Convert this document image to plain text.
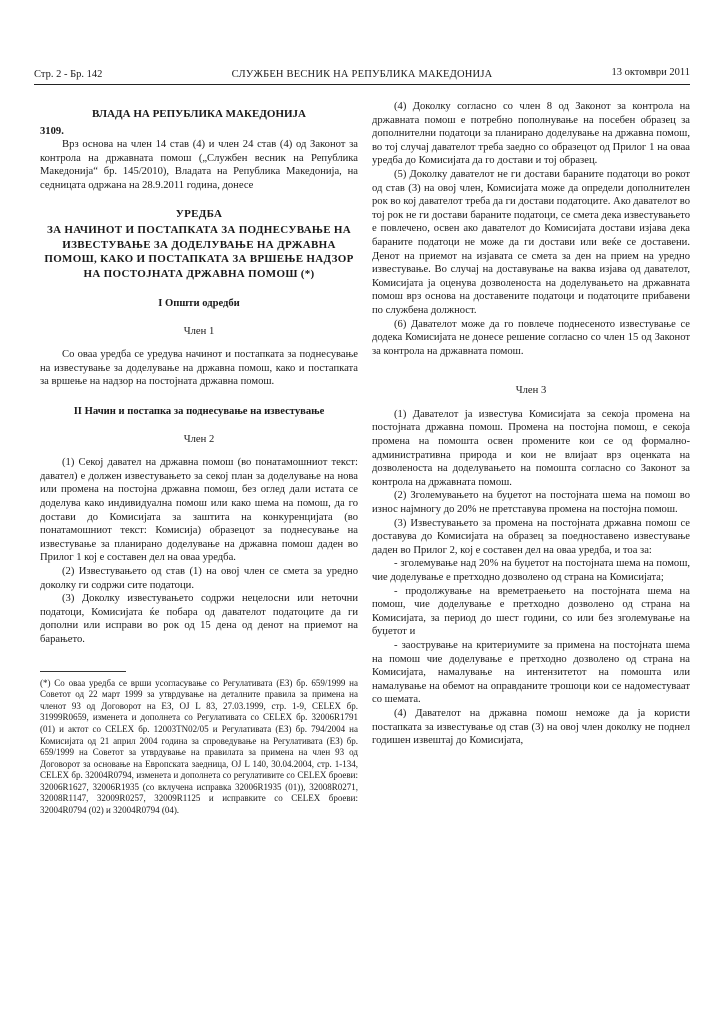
Стр. 2 - Бр. 142	СЛУЖБЕН ВЕСНИК НА РЕПУБЛИКА МАКЕДОНИЈА	13 октомври 2011

ВЛАДА НА РЕПУБЛИКА МАКЕДОНИЈА

3109.

Врз основа на член 14 став (4) и член 24 став (4) од Законот за контрола на државната помош („Службен весник на Република Македонија“ бр. 145/2010), Владата на Република Македонија, на седницата одржана на 28.9.2011 година, донесе

УРЕДБА

ЗА НАЧИНОТ И ПОСТАПКАТА ЗА ПОДНЕСУВАЊЕ НА ИЗВЕСТУВАЊЕ ЗА ДОДЕЛУВАЊЕ НА ДРЖАВНА ПОМОШ, КАКО И ПОСТАПКАТА ЗА ВРШЕЊЕ НАДЗОР НА ПОСТОЈНАТА ДРЖАВНА ПОМОШ (*)

I Општи одредби

Член 1

Со оваа уредба се уредува начинот и постапката за поднесување на известување за доделување на државна помош, како и постапката за вршење на надзор на постојната државна помош.

II Начин и постапка за поднесување на известување

Член 2

(1) Секој давател на државна помош (во понатамошниот текст: давател) е должен известувањето за секој план за доделување на нова или промена на постојна државна помош, без оглед дали истата се доделува како индивидуална помош или како шема на помош, да го достави до Комисијата за заштита на конкуренцијата (во понатамошниот текст: Комисија) образецот за поднесување на известување за планирано доделување на државна помош даден во Прилог 1 кој е составен дел на оваа уредба.

(2) Известувањето од став (1) на овој член се смета за уредно доколку ги содржи сите податоци.

(3) Доколку известувањето содржи нецелосни или неточни податоци, Комисијата ќе побара од давателот податоците да ги дополни или исправи во рок од 15 дена од денот на приемот на барањето.

(*) Со оваа уредба се врши усогласување со Регулативата (ЕЗ) бр. 659/1999 на Советот од 22 март 1999 за утврдување на деталните правила за примена на членот 93 од Договорот на ЕЗ, OJ L 83, 27.03.1999, стр. 1-9, CELEX бр. 31999R0659, изменета и дополнета со Регулативата со CELEX бр. 32006R1791 (01) и актот со CELEX бр. 12003TN02/05 и Регулативата (ЕЗ) бр. 794/2004 на Комисијата од 21 април 2004 година за спроведување на Регулативата (ЕЗ) бр. 659/1999 на Советот за утврдување на правилата за примена на член 93 од Договорот за основање на Европската заедница, OJ L 140, 30.04.2004, стр. 1-134, CELEX бр. 32004R0794, изменета и дополнета со регулативите со CELEX броеви: 32006R1627, 32006R1935 (со вклучена исправка 32006R1935 (01)), 32008R0271, 32008R1147, 32009R0257, 32009R1125 и исправките со CELEX броеви: 32004R0794 (02) и 32004R0794 (04).

(4) Доколку согласно со член 8 од Законот за контрола на државната помош е потребно пополнување на посебен образец за дополнителни податоци за планирано доделување на државна помош, во тој случај давателот треба заедно со образецот од Прилог 1 на оваа уредба до Комисијата да го достави и тој образец.

(5) Доколку давателот не ги достави бараните податоци во рокот од став (3) на овој член, Комисијата може да определи дополнителен рок во кој давателот треба да ги достави податоците. Ако давателот во тој рок не ги достави бараните податоци, се смета дека известувањето е повлечено, освен ако давателот до Комисијата достави изјава дека бараните податоци не може да ги достави или веќе се доставени. Денот на приемот на изјавата се смета за ден на прием на уредно известување. Во случај на доставување на ваква изјава од давателот, Комисијата ја оценува дозволеноста на доделувањето на државната помош врз основа на доставените податоци и податоците прибавени по службена должност.

(6) Давателот може да го повлече поднесеното известување се додека Комисијата не донесе решение согласно со член 15 од Законот за контрола на државната помош.

Член 3

(1) Давателот ја известува Комисијата за секоја промена на постојната државна помош. Промена на постојна помош, е секоја промена на помошта освен промените кои се од формално-административна природа и кои не влијаат врз оценката на дозволеноста на доделувањето на помошта согласно со Законот за контрола на државната помош.

(2) Зголемувањето на буџетот на постојната шема на помош во износ најмногу до 20% не претставува промена на постојна помош.

(3) Известувањето за промена на постојната државна помош се доставува до Комисијата на образец за поедноставено известување даден во Прилог 2, кој е составен дел на оваа уредба, и тоа за:

- зголемување над 20% на буџетот на постојната шема на помош, чие доделување е претходно дозволено од страна на Комисијата;

- продолжување на времетраењето на постојната шема на помош, чие доделување е претходно дозволено од страна на Комисијата, за период до шест години, со или без зголемување на буџетот и

- заострување на критериумите за примена на постојната шема на помош чие доделување е претходно дозволено од страна на Комисијата, намалување на интензитетот на помошта или намалување на обемот на оправданите трошоци кои се надоместуваат со шемата.

(4) Давателот на државна помош неможе да ја користи постапката за известување од став (3) на овој член доколку не поднел годишен извештај до Комисијата,
